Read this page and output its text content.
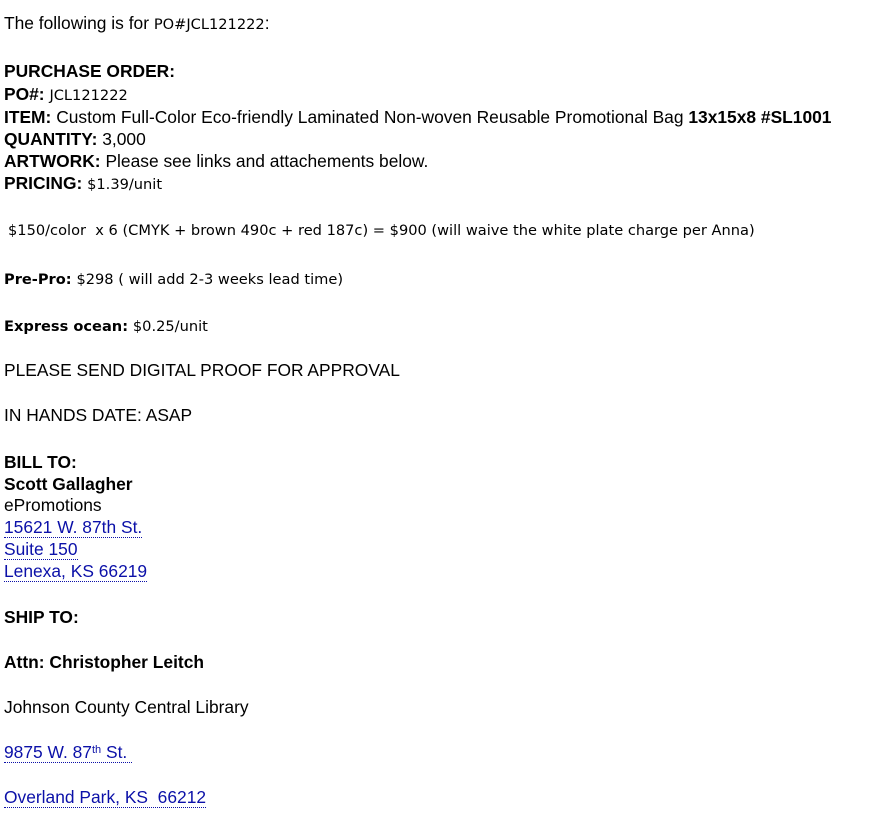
The following is for PO#JCL121222:
PURCHASE ORDER:
PO#: JCL121222
ITEM: Custom Full-Color Eco-friendly Laminated Non-woven Reusable Promotional Bag 13x15x8 #SL1001
QUANTITY: 3,000
ARTWORK: Please see links and attachements below.
PRICING: $1.39/unit
$150/color  x 6 (CMYK + brown 490c + red 187c) = $900 (will waive the white plate charge per Anna)
Pre-Pro: $298 ( will add 2-3 weeks lead time)
Express ocean: $0.25/unit
PLEASE SEND DIGITAL PROOF FOR APPROVAL
IN HANDS DATE: ASAP
BILL TO:
Scott Gallagher
ePromotions
15621 W. 87th St.
Suite 150
Lenexa, KS 66219
SHIP TO:
Attn: Christopher Leitch
Johnson County Central Library
9875 W. 87th St.
Overland Park, KS  66212
